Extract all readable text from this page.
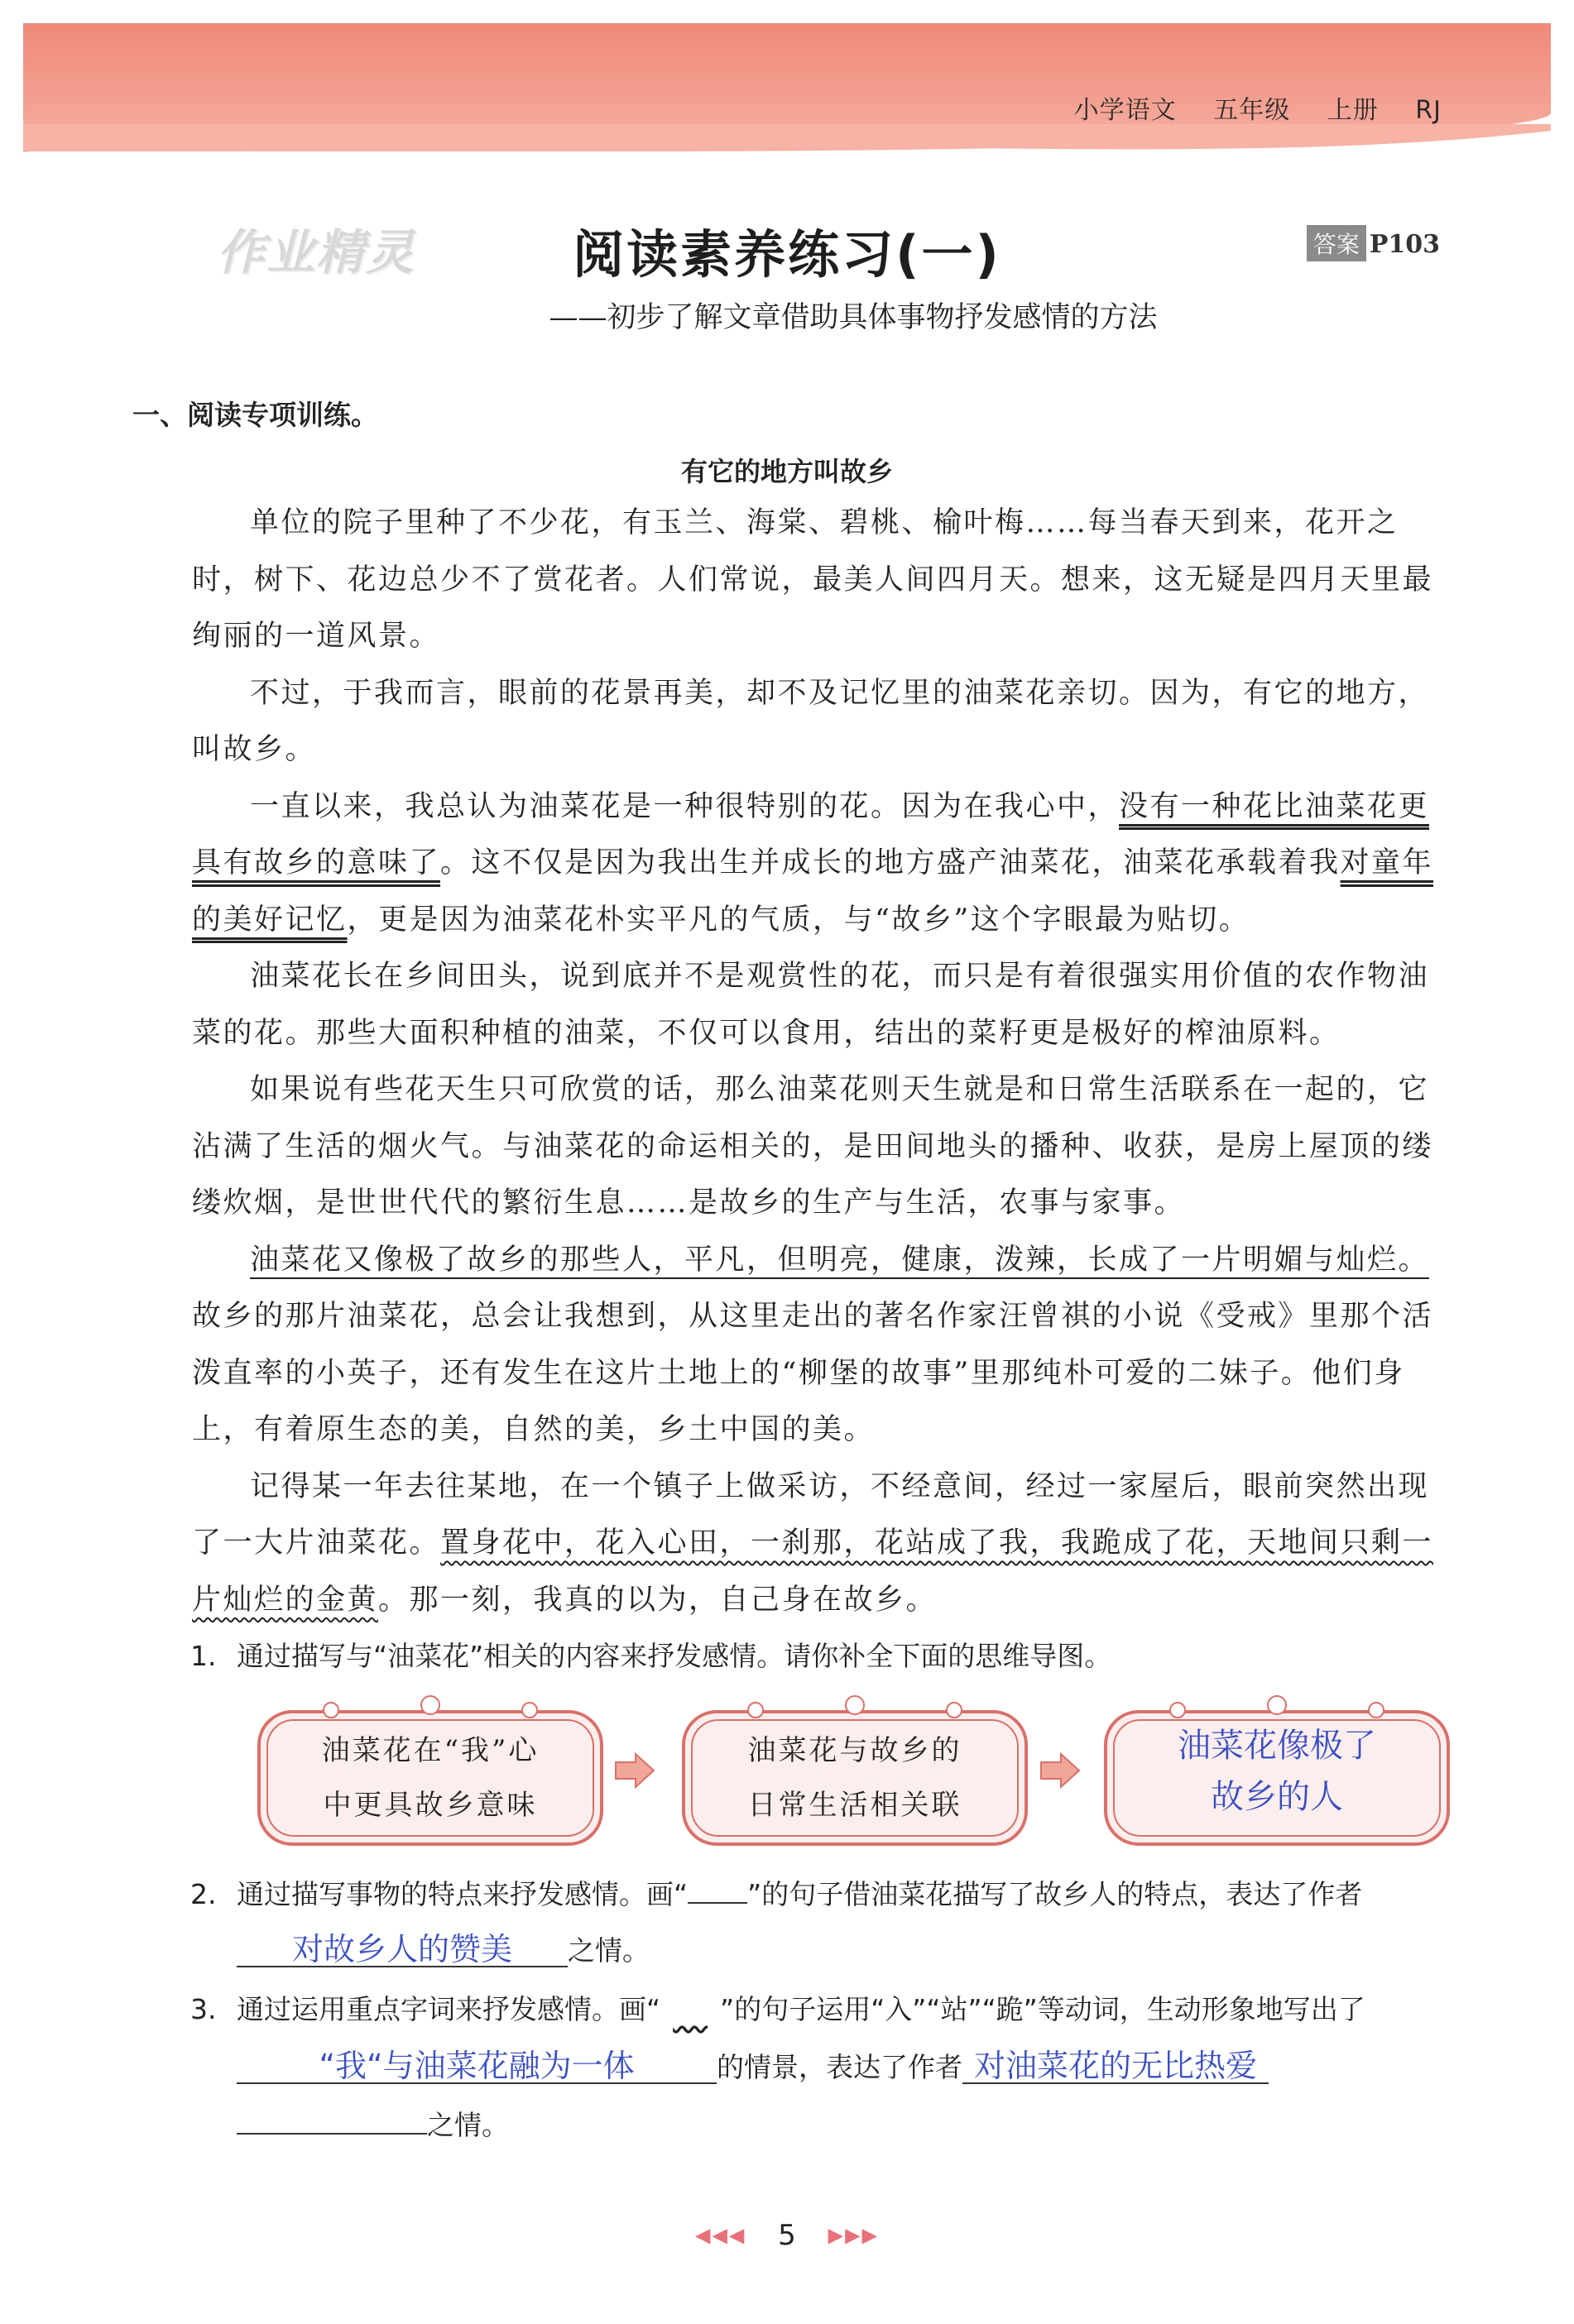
小学语文 五年级 上册 RJ
作业精灵	阅读素养练习(一)	答案 P103
——初步了解文章借助具体事物抒发感情的方法
一、阅读专项训练。
有它的地方叫故乡

单位的院子里种了不少花，有玉兰、海棠、碧桃、榆叶梅……每当春天到来，花开之时，树下、花边总少不了赏花者。人们常说，最美人间四月天。想来，这无疑是四月天里最绚丽的一道风景。

不过，于我而言，眼前的花景再美，却不及记忆里的油菜花亲切。因为，有它的地方，叫故乡。

一直以来，我总认为油菜花是一种很特别的花。因为在我心中，没有一种花比油菜花更具有故乡的意味了。这不仅是因为我出生并成长的地方盛产油菜花，油菜花承载着我对童年的美好记忆，更是因为油菜花朴实平凡的气质，与“故乡”这个字眼最为贴切。

油菜花长在乡间田头，说到底并不是观赏性的花，而只是有着很强实用价值的农作物油菜的花。那些大面积种植的油菜，不仅可以食用，结出的菜籽更是极好的榨油原料。

如果说有些花天生只可欣赏的话，那么油菜花则天生就是和日常生活联系在一起的，它沾满了生活的烟火气。与油菜花的命运相关的，是田间地头的播种、收获，是房上屋顶的缕缕炊烟，是世世代代的繁衍生息……是故乡的生产与生活，农事与家事。

油菜花又像极了故乡的那些人，平凡，但明亮，健康，泼辣，长成了一片明媚与灿烂。故乡的那片油菜花，总会让我想到，从这里走出的著名作家汪曾祺的小说《受戒》里那个活泼直率的小英子，还有发生在这片土地上的“柳堡的故事”里那纯朴可爱的二妹子。他们身上，有着原生态的美，自然的美，乡土中国的美。

记得某一年去往某地，在一个镇子上做采访，不经意间，经过一家屋后，眼前突然出现了一大片油菜花。置身花中，花入心田，一刹那，花站成了我，我跪成了花，天地间只剩一片灿烂的金黄。那一刻，我真的以为，自己身在故乡。

1. 通过描写与“油菜花”相关的内容来抒发感情。请你补全下面的思维导图。
油菜花在“我”心
中更具故乡意味
油菜花与故乡的
日常生活相关联
油菜花像极了
故乡的人
2. 通过描写事物的特点来抒发感情。画“ ”的句子借油菜花描写了故乡人的特点，表达了作者对故乡人的赞美 之情。
3. 通过运用重点字词来抒发感情。画“ ”的句子运用“入”“站”“跪”等动词，生动形象地写出了“我“与油菜花融为一体	的情景，表达了作者 对油菜花的无比热爱之情。
◀◀◀ 5 ▶▶▶
